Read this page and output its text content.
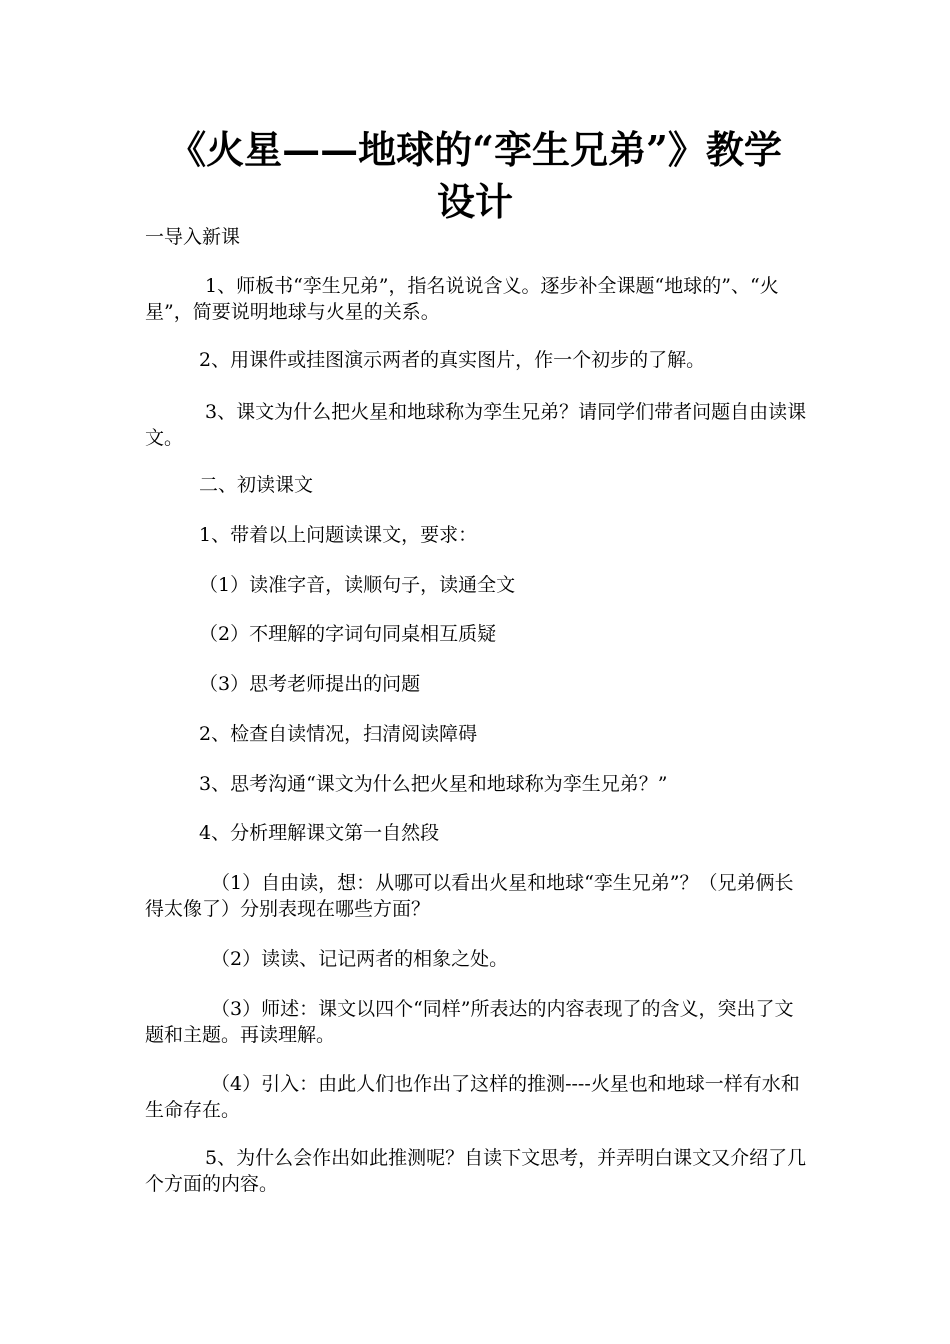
《火星——地球的“孪生兄弟”》教学
设计

一导入新课

1、师板书“孪生兄弟”，指名说说含义。逐步补全课题“地球的”、“火星”，简要说明地球与火星的关系。

2、用课件或挂图演示两者的真实图片，作一个初步的了解。

3、课文为什么把火星和地球称为孪生兄弟？请同学们带者问题自由读课文。

二、初读课文

1、带着以上问题读课文，要求：

（1）读准字音，读顺句子，读通全文

（2）不理解的字词句同桌相互质疑

（3）思考老师提出的问题

2、检查自读情况，扫清阅读障碍

3、思考沟通“课文为什么把火星和地球称为孪生兄弟？”

4、分析理解课文第一自然段

（1）自由读，想：从哪可以看出火星和地球“孪生兄弟”？（兄弟俩长得太像了）分别表现在哪些方面？

（2）读读、记记两者的相象之处。

（3）师述：课文以四个“同样”所表达的内容表现了的含义，突出了文题和主题。再读理解。

（4）引入：由此人们也作出了这样的推测----火星也和地球一样有水和生命存在。

5、为什么会作出如此推测呢？自读下文思考，并弄明白课文又介绍了几个方面的内容。
